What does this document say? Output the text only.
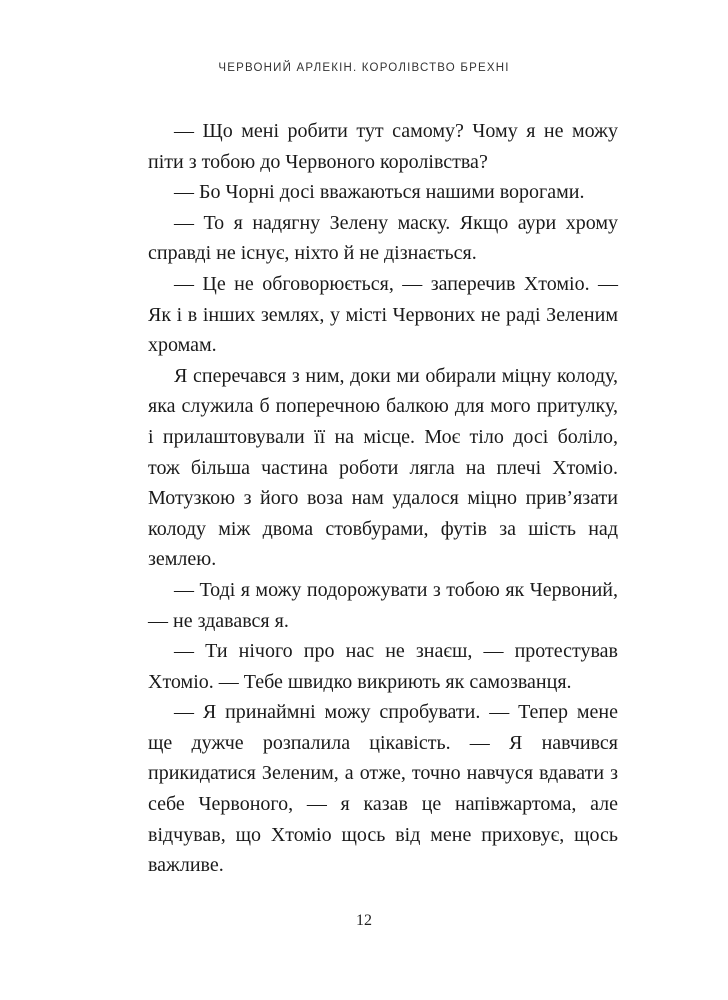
ЧЕРВОНИЙ АРЛЕКІН. КОРОЛІВСТВО БРЕХНІ

— Що мені робити тут самому? Чому я не можу піти з тобою до Червоного королівства?

— Бо Чорні досі вважаються нашими ворогами.

— То я надягну Зелену маску. Якщо аури хрому справді не існує, ніхто й не дізнається.

— Це не обговорюється, — заперечив Хтоміо. — Як і в інших землях, у місті Червоних не раді Зеленим хромам.

Я сперечався з ним, доки ми обирали міцну колоду, яка служила б поперечною балкою для мого притулку, і прилаштовували її на місце. Моє тіло досі боліло, тож більша частина роботи лягла на плечі Хтоміо. Мотузкою з його воза нам удалося міцно прив’язати колоду між двома стовбурами, футів за шість над землею.

— Тоді я можу подорожувати з тобою як Червоний, — не здавався я.

— Ти нічого про нас не знаєш, — протестував Хтоміо. — Тебе швидко викриють як самозванця.

— Я принаймні можу спробувати. — Тепер мене ще дужче розпалила цікавість. — Я навчився прикидатися Зеленим, а отже, точно навчуся вдавати з себе Червоного, — я казав це напівжартома, але відчував, що Хтоміо щось від мене приховує, щось важливе.

12
